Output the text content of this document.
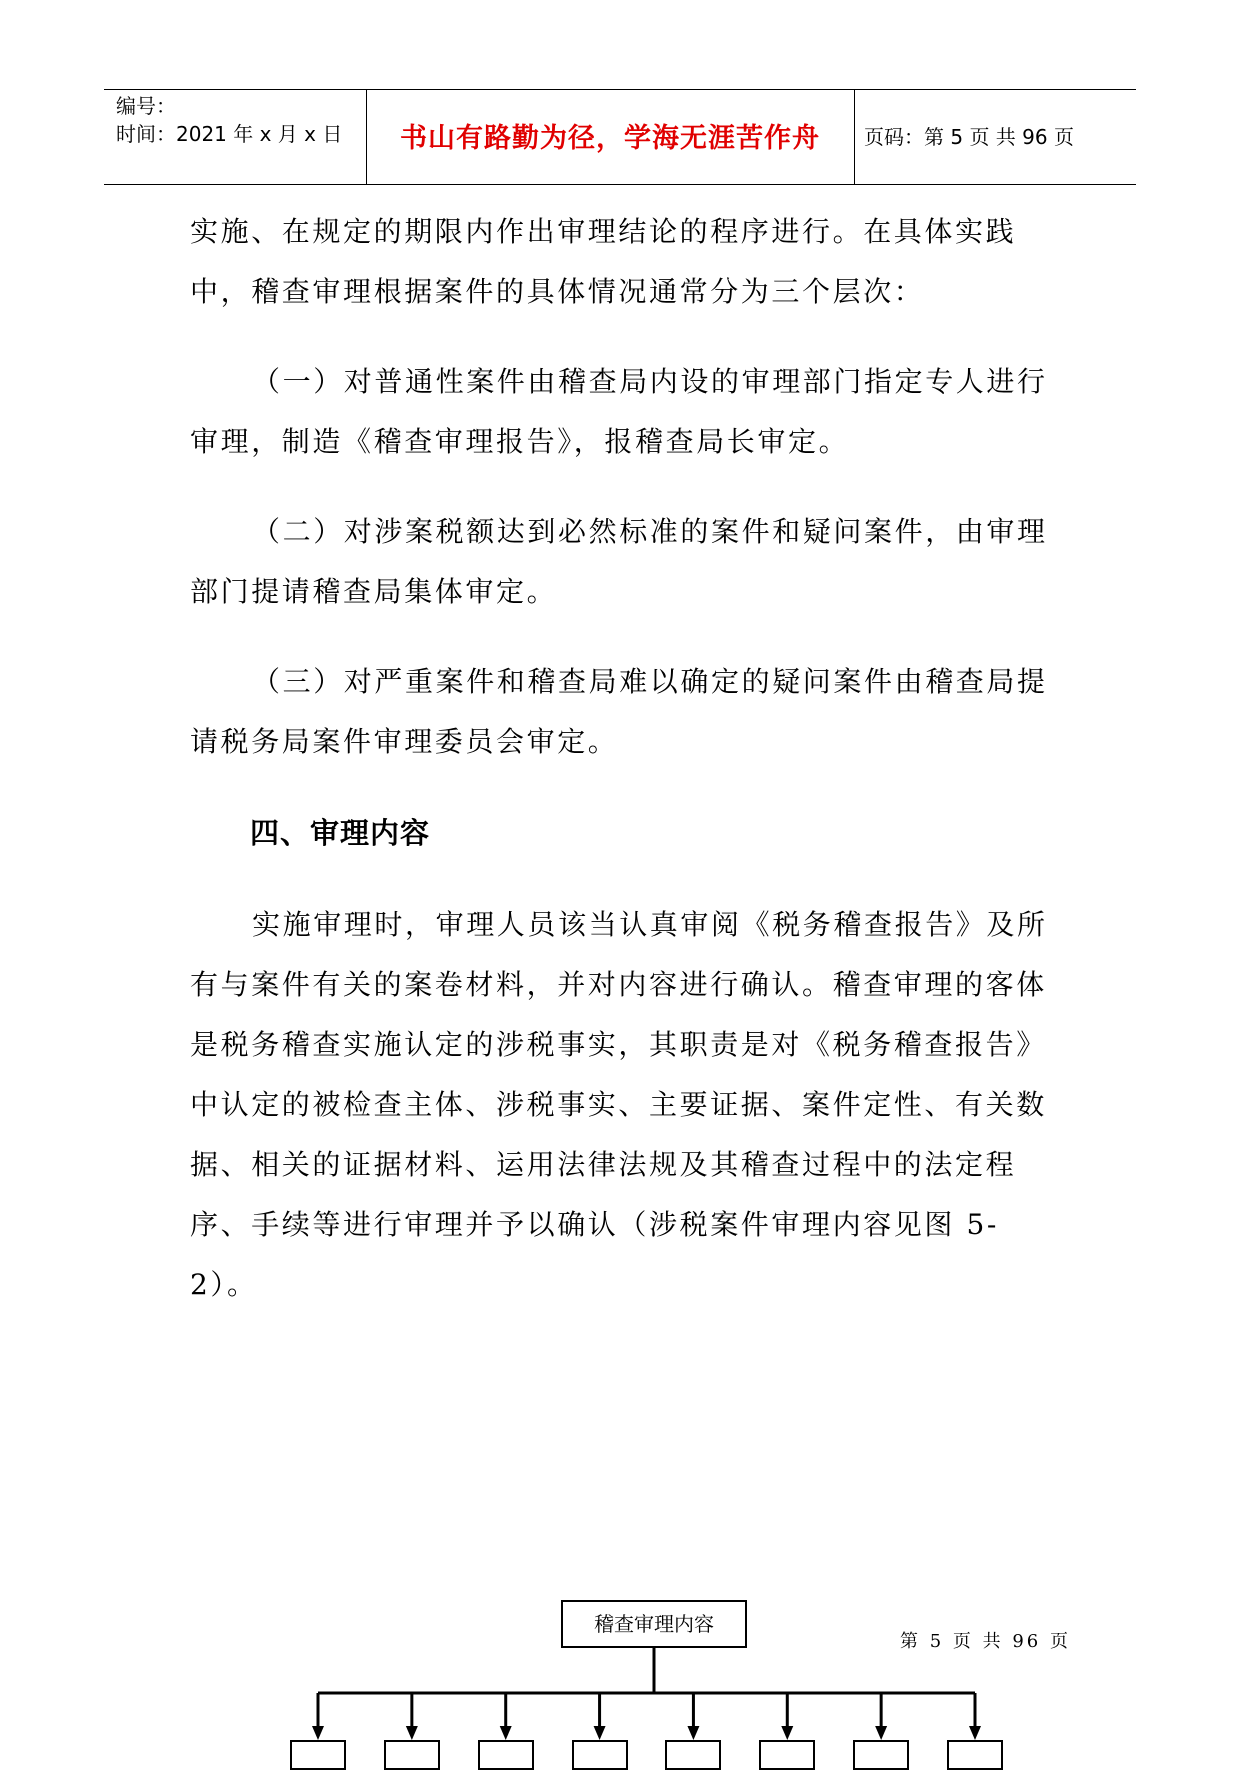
编号：
时间：2021 年 x 月 x 日	书山有路勤为径，学海无涯苦作舟	页码：第 5 页 共 96 页

实施、在规定的期限内作出审理结论的程序进行。在具体实践中，稽查审理根据案件的具体情况通常分为三个层次：

（一）对普通性案件由稽查局内设的审理部门指定专人进行审理，制造《稽查审理报告》，报稽查局长审定。

（二）对涉案税额达到必然标准的案件和疑问案件，由审理部门提请稽查局集体审定。

（三）对严重案件和稽查局难以确定的疑问案件由稽查局提请税务局案件审理委员会审定。

四、审理内容

实施审理时，审理人员该当认真审阅《税务稽查报告》及所有与案件有关的案卷材料，并对内容进行确认。稽查审理的客体是税务稽查实施认定的涉税事实，其职责是对《税务稽查报告》中认定的被检查主体、涉税事实、主要证据、案件定性、有关数据、相关的证据材料、运用法律法规及其稽查过程中的法定程序、手续等进行审理并予以确认（涉税案件审理内容见图 5-2）。

稽查审理内容
第 5 页 共 96 页
